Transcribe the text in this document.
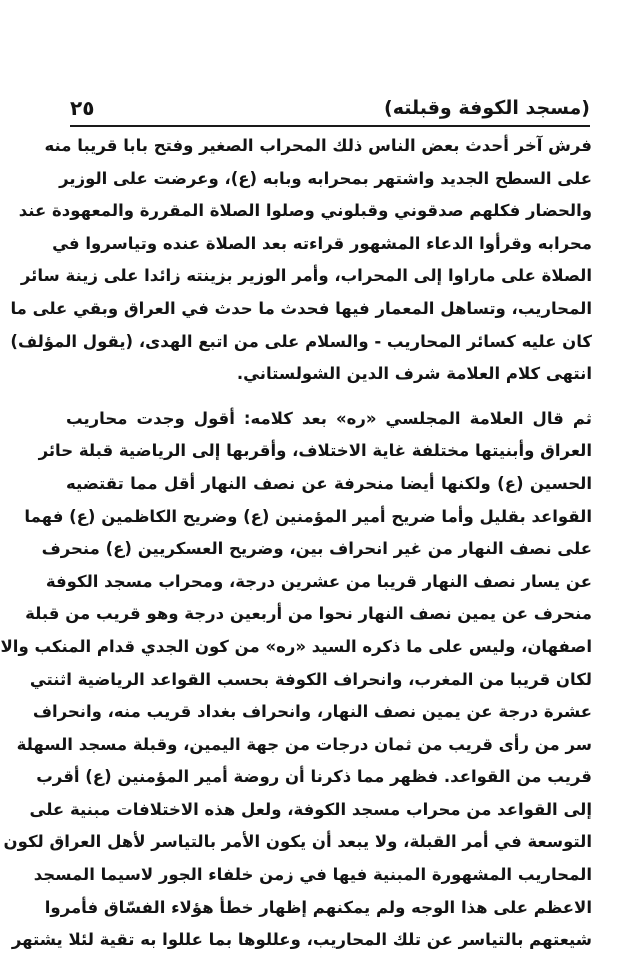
(مسجد الكوفة وقبلته)
٢٥
فرش آخر أحدث بعض الناس ذلك المحراب الصغير وفتح بابا قريبا منه
على السطح الجديد واشتهر بمحرابه وبابه (ع)، وعرضت على الوزير
والحضار فكلهم صدقوني وقبلوني وصلوا الصلاة المقررة والمعهودة عند
محرابه وقرأوا الدعاء المشهور قراءته بعد الصلاة عنده وتياسروا في
الصلاة على ماراوا إلى المحراب، وأمر الوزير بزينته زائدا على زينة سائر
المحاريب، وتساهل المعمار فيها فحدث ما حدث في العراق وبقي على ما
كان عليه كسائر المحاريب - والسلام على من اتبع الهدى، (يقول المؤلف)
انتهى كلام العلامة شرف الدين الشولستاني.
ثم قال العلامة المجلسي «ره» بعد كلامه: أقول وجدت محاريب
العراق وأبنيتها مختلفة غاية الاختلاف، وأقربها إلى الرياضية قبلة حائر
الحسين (ع) ولكنها أيضا منحرفة عن نصف النهار أقل مما تقتضيه
القواعد بقليل وأما ضريح أمير المؤمنين (ع) وضريح الكاظمين (ع) فهما
على نصف النهار من غير انحراف بين، وضريح العسكريين (ع) منحرف
عن يسار نصف النهار قريبا من عشرين درجة، ومحراب مسجد الكوفة
منحرف عن يمين نصف النهار نحوا من أربعين درجة وهو قريب من قبلة
اصفهان، وليس على ما ذكره السيد «ره» من كون الجدي قدام المنكب والا
لكان قريبا من المغرب، وانحراف الكوفة بحسب القواعد الرياضية اثنتي
عشرة درجة عن يمين نصف النهار، وانحراف بغداد قريب منه، وانحراف
سر من رأى قريب من ثمان درجات من جهة اليمين، وقبلة مسجد السهلة
قريب من القواعد. فظهر مما ذكرنا أن روضة أمير المؤمنين (ع) أقرب
إلى القواعد من محراب مسجد الكوفة، ولعل هذه الاختلافات مبنية على
التوسعة في أمر القبلة، ولا يبعد أن يكون الأمر بالتياسر لأهل العراق لكون
المحاريب المشهورة المبنية فيها في زمن خلفاء الجور لاسيما المسجد
الاعظم على هذا الوجه ولم يمكنهم إظهار خطأ هؤلاء الفسّاق فأمروا
شيعتهم بالتياسر عن تلك المحاريب، وعللوها بما عللوا به تقية لئلا يشتهر
